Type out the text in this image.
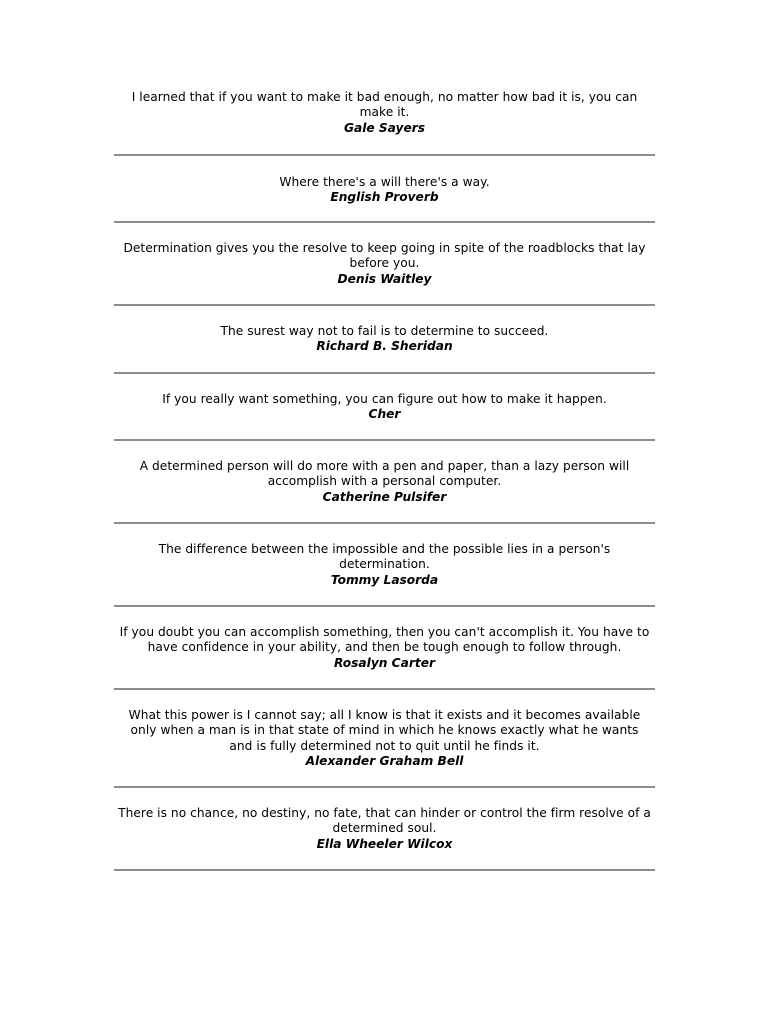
I learned that if you want to make it bad enough, no matter how bad it is, you can make it.
Gale Sayers
Where there's a will there's a way.
English Proverb
Determination gives you the resolve to keep going in spite of the roadblocks that lay before you.
Denis Waitley
The surest way not to fail is to determine to succeed.
Richard B. Sheridan
If you really want something, you can figure out how to make it happen.
Cher
A determined person will do more with a pen and paper, than a lazy person will accomplish with a personal computer.
Catherine Pulsifer
The difference between the impossible and the possible lies in a person's determination.
Tommy Lasorda
If you doubt you can accomplish something, then you can't accomplish it. You have to have confidence in your ability, and then be tough enough to follow through.
Rosalyn Carter
What this power is I cannot say; all I know is that it exists and it becomes available only when a man is in that state of mind in which he knows exactly what he wants and is fully determined not to quit until he finds it.
Alexander Graham Bell
There is no chance, no destiny, no fate, that can hinder or control the firm resolve of a determined soul.
Ella Wheeler Wilcox
